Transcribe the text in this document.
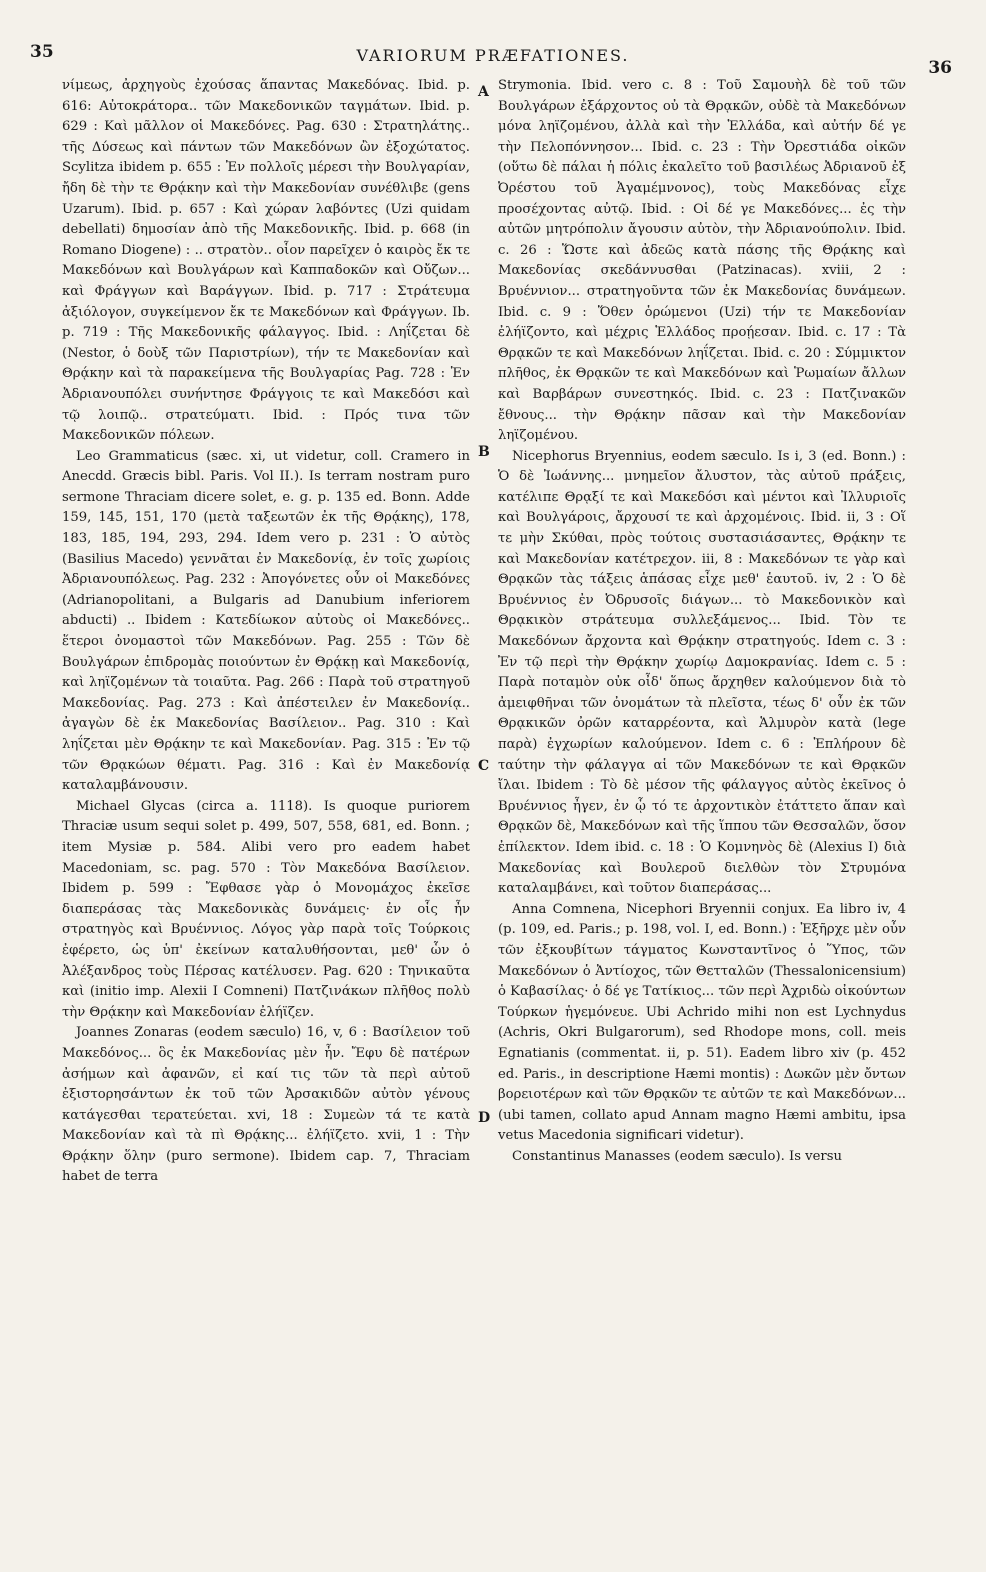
35	VARIORUM PRÆFATIONES.
36

νίμεως, ἀρχηγοὺς ἐχούσας ἅπαντας Μακεδόνας. Ibid. p. 616: Αὐτοκράτορα.. τῶν Μακεδονικῶν ταγμάτων. Ibid. p. 629 : Καὶ μᾶλλον οἱ Μακεδόνες. Pag. 630 : Στρατηλάτης.. τῆς Δύσεως καὶ πάντων τῶν Μακεδόνων ὢν ἐξοχώτατος. Scylitza ibidem p. 655 : Ἐν πολλοῖς μέρεσι τὴν Βουλγαρίαν, ἤδη δὲ τὴν τε Θρᾴκην καὶ τὴν Μακεδονίαν συνέθλιβε (gens Uzarum). Ibid. p. 657 : Καὶ χώραν λαβόντες (Uzi quidam debellati) δημοσίαν ἀπὸ τῆς Μακεδονικῆς. Ibid. p. 668 (in Romano Diogene) : .. στρατὸν.. οἷον παρεῖχεν ὁ καιρὸς ἔκ τε Μακεδόνων καὶ Βουλγάρων καὶ Καππαδοκῶν καὶ Οὔζων... καὶ Φράγγων καὶ Βαράγγων. Ibid. p. 717 : Στράτευμα ἀξιόλογον, συγκείμενον ἔκ τε Μακεδόνων καὶ Φράγγων. Ib. p. 719 : Τῆς Μακεδονικῆς φάλαγγος. Ibid. : Ληΐζεται δὲ (Nestor, ὁ δοὺξ τῶν Παριστρίων), τήν τε Μακεδονίαν καὶ Θρᾴκην καὶ τὰ παρακείμενα τῆς Βουλγαρίας Pag. 728 : Ἐν Ἀδριανουπόλει συνήντησε Φράγγοις τε καὶ Μακεδόσι καὶ τῷ λοιπῷ.. στρατεύματι. Ibid. : Πρός τινα τῶν Μακεδονικῶν πόλεων.

Leo Grammaticus (sæc. xi, ut videtur, coll. Cramero in Anecdd. Græcis bibl. Paris. Vol II.). Is terram nostram puro sermone Thraciam dicere solet, e. g. p. 135 ed. Bonn. Adde 159, 145, 151, 170 (μετὰ ταξεωτῶν ἐκ τῆς Θρᾴκης), 178, 183, 185, 194, 293, 294. Idem vero p. 231 : Ὁ αὐτὸς (Basilius Macedo) γεννᾶται ἐν Μακεδονίᾳ, ἐν τοῖς χωρίοις Ἀδριανουπόλεως. Pag. 232 : Ἀπογόνετες οὖν οἱ Μακεδόνες (Adrianopolitani, a Bulgaris ad Danubium inferiorem abducti) .. Ibidem : Κατεδίωκον αὐτοὺς οἱ Μακεδόνες.. ἕτεροι ὀνομαστοὶ τῶν Μακεδόνων. Pag. 255 : Τῶν δὲ Βουλγάρων ἐπιδρομὰς ποιούντων ἐν Θρᾴκῃ καὶ Μακεδονίᾳ, καὶ ληϊζομένων τὰ τοιαῦτα. Pag. 266 : Παρὰ τοῦ στρατηγοῦ Μακεδονίας. Pag. 273 : Καὶ ἀπέστειλεν ἐν Μακεδονίᾳ.. ἀγαγὼν δὲ ἐκ Μακεδονίας Βασίλειον.. Pag. 310 : Καὶ ληΐζεται μὲν Θρᾴκην τε καὶ Μακεδονίαν. Pag. 315 : Ἐν τῷ τῶν Θρᾳκώων θέματι. Pag. 316 : Καὶ ἐν Μακεδονίᾳ καταλαμβάνουσιν.

Michael Glycas (circa a. 1118). Is quoque puriorem Thraciæ usum sequi solet p. 499, 507, 558, 681, ed. Bonn. ; item Mysiæ p. 584. Alibi vero pro eadem habet Macedoniam, sc. pag. 570 : Τὸν Μακεδόνα Βασίλειον. Ibidem p. 599 : Ἔφθασε γὰρ ὁ Μονομάχος ἐκεῖσε διαπεράσας τὰς Μακεδονικὰς δυνάμεις· ἐν οἷς ἦν στρατηγὸς καὶ Βρυέννιος. Λόγος γὰρ παρὰ τοῖς Τούρκοις ἐφέρετο, ὡς ὑπ' ἐκείνων καταλυθήσονται, μεθ' ὧν ὁ Ἀλέξανδρος τοὺς Πέρσας κατέλυσεν. Pag. 620 : Τηνικαῦτα καὶ (initio imp. Alexii I Comneni) Πατζινάκων πλῆθος πολὺ τὴν Θρᾴκην καὶ Μακεδονίαν ἐλήϊζεν.

Joannes Zonaras (eodem sæculo) 16, v, 6 : Βασίλειον τοῦ Μακεδόνος... ὃς ἐκ Μακεδονίας μὲν ἦν. Ἔφυ δὲ πατέρων ἀσήμων καὶ ἀφανῶν, εἰ καί τις τῶν τὰ περὶ αὐτοῦ ἐξιστορησάντων ἐκ τοῦ τῶν Ἀρσακιδῶν αὐτὸν γένους κατάγεσθαι τερατεύεται. xvi, 18 : Συμεὼν τά τε κατὰ Μακεδονίαν καὶ τὰ πὶ Θρᾴκης... ἐλήϊζετο. xvii, 1 : Τὴν Θρᾴκην ὅλην (puro sermone). Ibidem cap. 7, Thraciam habet de terra

A
B
C
D

Strymonia. Ibid. vero c. 8 : Τοῦ Σαμουὴλ δὲ τοῦ τῶν Βουλγάρων ἐξάρχοντος οὐ τὰ Θρᾳκῶν, οὐδὲ τὰ Μακεδόνων μόνα ληϊζομένου, ἀλλὰ καὶ τὴν Ἑλλάδα, καὶ αὐτήν δέ γε τὴν Πελοπόννησον... Ibid. c. 23 : Τὴν Ὀρεστιάδα οἰκῶν (οὕτω δὲ πάλαι ἡ πόλις ἐκαλεῖτο τοῦ βασιλέως Ἀδριανοῦ ἐξ Ὀρέστου τοῦ Ἀγαμέμνονος), τοὺς Μακεδόνας εἶχε προσέχοντας αὐτῷ. Ibid. : Οἱ δέ γε Μακεδόνες... ἐς τὴν αὐτῶν μητρόπολιν ἄγουσιν αὐτὸν, τὴν Ἀδριανούπολιν. Ibid. c. 26 : Ὥστε καὶ ἀδεῶς κατὰ πάσης τῆς Θρᾴκης καὶ Μακεδονίας σκεδάννυσθαι (Patzinacas). xviii, 2 : Βρυέννιον... στρατηγοῦντα τῶν ἐκ Μακεδονίας δυνάμεων. Ibid. c. 9 : Ὅθεν ὁρώμενοι (Uzi) τήν τε Μακεδονίαν ἐλήϊζοντο, καὶ μέχρις Ἑλλάδος προῄεσαν. Ibid. c. 17 : Τὰ Θρᾳκῶν τε καὶ Μακεδόνων ληΐζεται. Ibid. c. 20 : Σύμμικτον πλῆθος, ἐκ Θρᾳκῶν τε καὶ Μακεδόνων καὶ Ῥωμαίων ἄλλων καὶ Βαρβάρων συνεστηκός. Ibid. c. 23 : Πατζινακῶν ἔθνους... τὴν Θρᾴκην πᾶσαν καὶ τὴν Μακεδονίαν ληϊζομένου.

Nicephorus Bryennius, eodem sæculo. Is i, 3 (ed. Bonn.) : Ὁ δὲ Ἰωάννης... μνημεῖον ἄλυστον, τὰς αὐτοῦ πράξεις, κατέλιπε Θρᾳξί τε καὶ Μακεδόσι καὶ μέντοι καὶ Ἰλλυριοῖς καὶ Βουλγάροις, ἄρχουσί τε καὶ ἀρχομένοις. Ibid. ii, 3 : Οἵ τε μὴν Σκύθαι, πρὸς τούτοις συστασιάσαντες, Θρᾴκην τε καὶ Μακεδονίαν κατέτρεχον. iii, 8 : Μακεδόνων τε γὰρ καὶ Θρᾳκῶν τὰς τάξεις ἁπάσας εἶχε μεθ' ἑαυτοῦ. iv, 2 : Ὁ δὲ Βρυέννιος ἐν Ὀδρυσοῖς διάγων... τὸ Μακεδονικὸν καὶ Θρᾳκικὸν στράτευμα συλλεξάμενος... Ibid. Τὸν τε Μακεδόνων ἄρχοντα καὶ Θρᾴκην στρατηγούς. Idem c. 3 : Ἐν τῷ περὶ τὴν Θρᾴκην χωρίῳ Δαμοκρανίας. Idem c. 5 : Παρὰ ποταμὸν οὐκ οἶδ' ὅπως ἄρχηθεν καλούμενον διὰ τὸ ἀμειφθῆναι τῶν ὀνομάτων τὰ πλεῖστα, τέως δ' οὖν ἐκ τῶν Θρᾳκικῶν ὀρῶν καταρρέοντα, καὶ Ἁλμυρὸν κατὰ (lege παρὰ) ἐγχωρίων καλούμενον. Idem c. 6 : Ἐπλήρουν δὲ ταύτην τὴν φάλαγγα αἱ τῶν Μακεδόνων τε καὶ Θρᾳκῶν ἴλαι. Ibidem : Τὸ δὲ μέσον τῆς φάλαγγος αὐτὸς ἐκεῖνος ὁ Βρυέννιος ἦγεν, ἐν ᾧ τό τε ἀρχοντικὸν ἐτάττετο ἅπαν καὶ Θρᾳκῶν δὲ, Μακεδόνων καὶ τῆς ἵππου τῶν Θεσσαλῶν, ὅσον ἐπίλεκτον. Idem ibid. c. 18 : Ὁ Κομνηνὸς δὲ (Alexius I) διὰ Μακεδονίας καὶ Βουλεροῦ διελθὼν τὸν Στρυμόνα καταλαμβάνει, καὶ τοῦτον διαπεράσας...

Anna Comnena, Nicephori Bryennii conjux. Ea libro iv, 4 (p. 109, ed. Paris.; p. 198, vol. I, ed. Bonn.) : Ἐξῆρχε μὲν οὖν τῶν ἐξκουβίτων τάγματος Κωνσταντῖνος ὁ Ὕπος, τῶν Μακεδόνων ὁ Ἀντίοχος, τῶν Θετταλῶν (Thessalonicensium) ὁ Καβασίλας· ὁ δέ γε Τατίκιος... τῶν περὶ Ἀχριδὼ οἰκούντων Τούρκων ἡγεμόνευε. Ubi Achrido mihi non est Lychnydus (Achris, Okri Bulgarorum), sed Rhodope mons, coll. meis Egnatianis (commentat. ii, p. 51). Eadem libro xiv (p. 452 ed. Paris., in descriptione Hæmi montis) : Δωκῶν μὲν ὄντων βορειοτέρων καὶ τῶν Θρᾳκῶν τε αὐτῶν τε καὶ Μακεδόνων... (ubi tamen, collato apud Annam magno Hæmi ambitu, ipsa vetus Macedonia significari videtur).

Constantinus Manasses (eodem sæculo). Is versu
